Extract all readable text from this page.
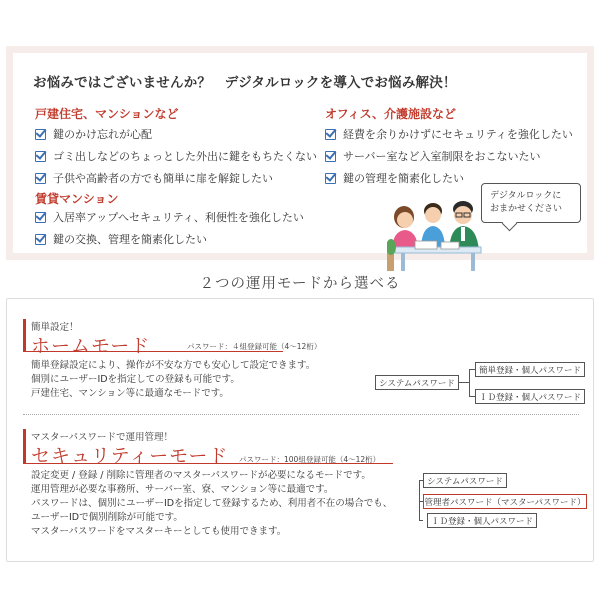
お悩みではございませんか？　デジタルロックを導入でお悩み解決！
戸建住宅、マンションなど
鍵のかけ忘れが心配
ゴミ出しなどのちょっとした外出に鍵をもちたくない
子供や高齢者の方でも簡単に扉を解錠したい
賃貸マンション
入居率アップへセキュリティ、利便性を強化したい
鍵の交換、管理を簡素化したい
オフィス、介護施設など
経費を余りかけずにセキュリティを強化したい
サーバー室など入室制限をおこないたい
鍵の管理を簡素化したい
デジタルロックに
おまかせください
２つの運用モードから選べる
簡単設定！
ホームモード	パスワード：４組登録可能（4～12桁）
簡単登録設定により、操作が不安な方でも安心して設定できます。
個別にユーザーIDを指定しての登録も可能です。
戸建住宅、マンション等に最適なモードです。
システムパスワード
簡単登録・個人パスワード
ＩＤ登録・個人パスワード
マスターパスワードで運用管理！
セキュリティーモード パスワード：100組登録可能（4～12桁）
設定変更 / 登録 / 削除に管理者のマスターパスワードが必要になるモードです。
運用管理が必要な事務所、サーバー室、寮、マンション等に最適です。
パスワードは、個別にユーザーIDを指定して登録するため、利用者不在の場合でも、
ユーザーIDで個別削除が可能です。
マスターパスワードをマスターキーとしても使用できます。
システムパスワード
管理者パスワード（マスターパスワード）
ＩＤ登録・個人パスワード
